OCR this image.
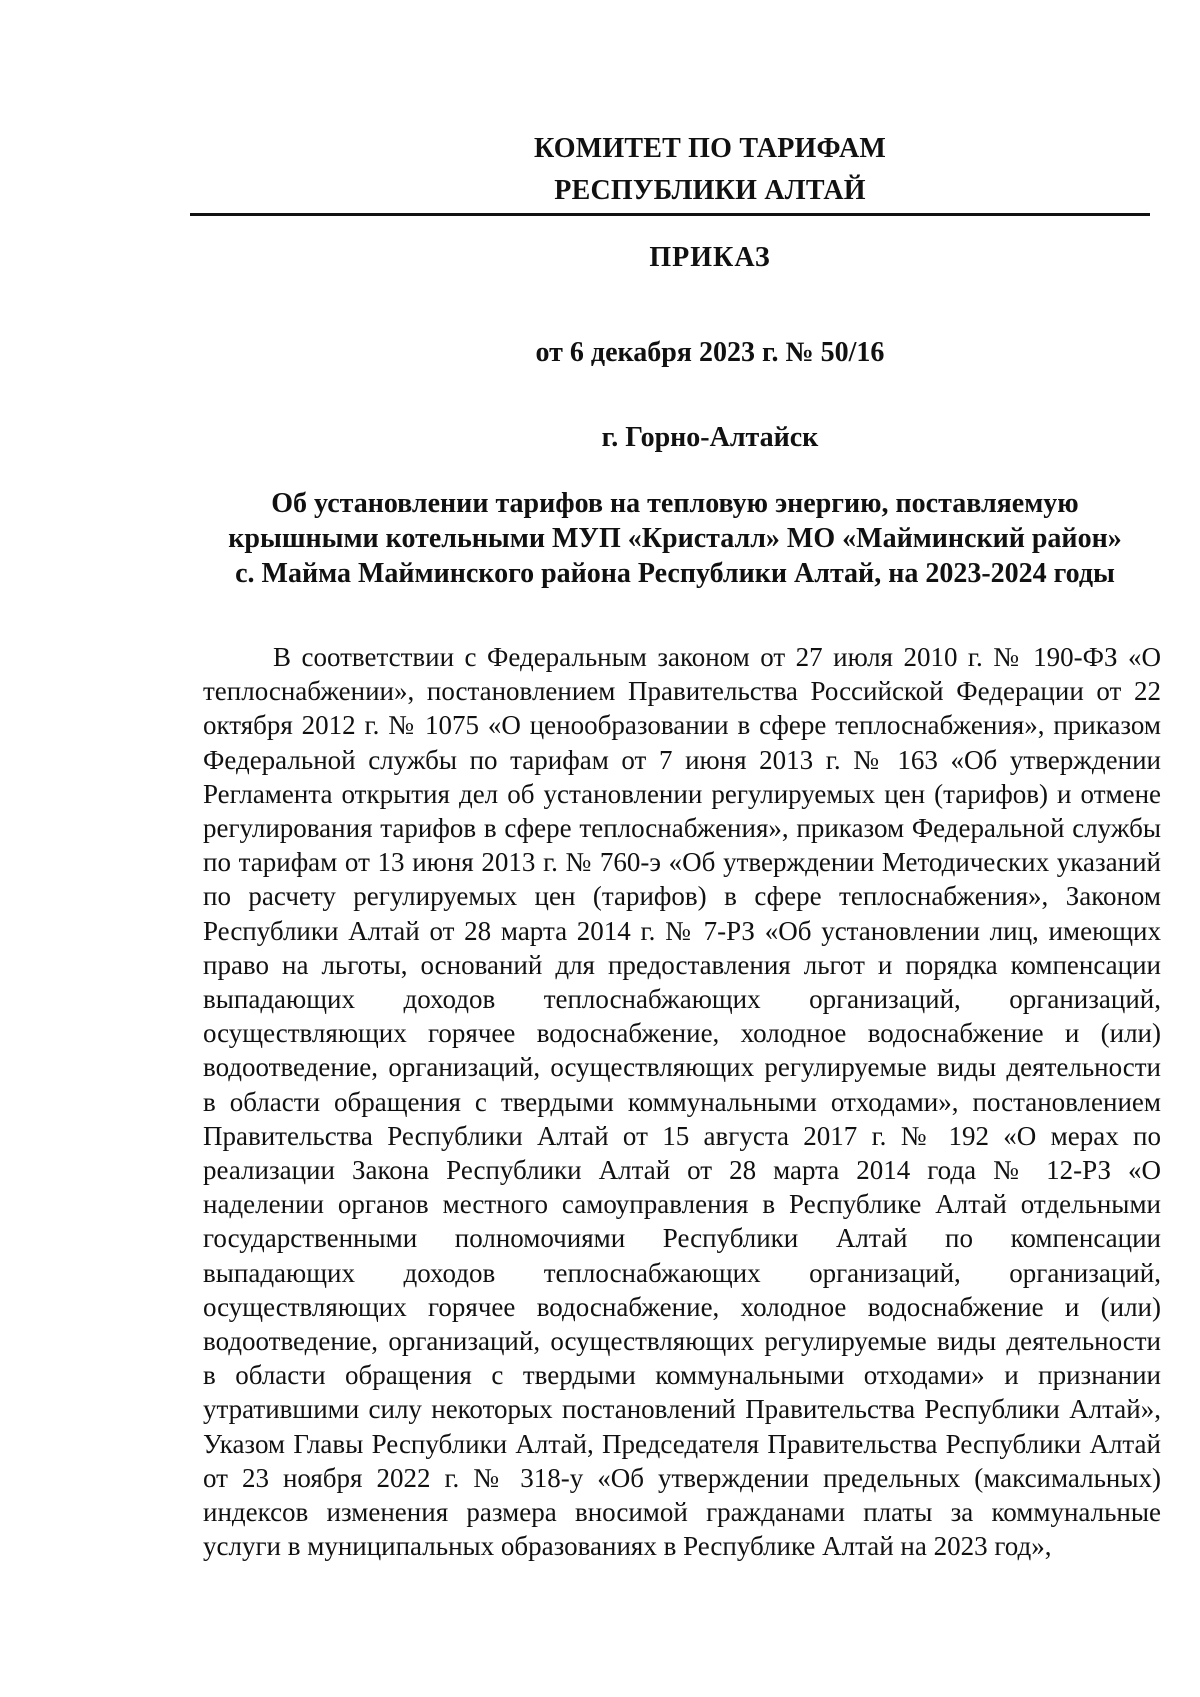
КОМИТЕТ ПО ТАРИФАМ
РЕСПУБЛИКИ АЛТАЙ
ПРИКАЗ
от 6 декабря 2023 г. № 50/16
г. Горно-Алтайск
Об установлении тарифов на тепловую энергию, поставляемую
крышными котельными МУП «Кристалл» МО «Майминский район»
с. Майма Майминского района Республики Алтай, на 2023-2024 годы

В соответствии с Федеральным законом от 27 июля 2010 г. № 190-ФЗ «О теплоснабжении», постановлением Правительства Российской Федерации от 22 октября 2012 г. № 1075 «О ценообразовании в сфере теплоснабжения», приказом Федеральной службы по тарифам от 7 июня 2013 г. № 163 «Об утверждении Регламента открытия дел об установлении регулируемых цен (тарифов) и отмене регулирования тарифов в сфере теплоснабжения», приказом Федеральной службы по тарифам от 13 июня 2013 г. № 760-э «Об утверждении Методических указаний по расчету регулируемых цен (тарифов) в сфере теплоснабжения», Законом Республики Алтай от 28 марта 2014 г. № 7-РЗ «Об установлении лиц, имеющих право на льготы, оснований для предоставления льгот и порядка компенсации выпадающих доходов теплоснабжающих организаций, организаций, осуществляющих горячее водоснабжение, холодное водоснабжение и (или) водоотведение, организаций, осуществляющих регулируемые виды деятельности в области обращения с твердыми коммунальными отходами», постановлением Правительства Республики Алтай от 15 августа 2017 г. № 192 «О мерах по реализации Закона Республики Алтай от 28 марта 2014 года № 12-РЗ «О наделении органов местного самоуправления в Республике Алтай отдельными государственными полномочиями Республики Алтай по компенсации выпадающих доходов теплоснабжающих организаций, организаций, осуществляющих горячее водоснабжение, холодное водоснабжение и (или) водоотведение, организаций, осуществляющих регулируемые виды деятельности в области обращения с твердыми коммунальными отходами» и признании утратившими силу некоторых постановлений Правительства Республики Алтай», Указом Главы Республики Алтай, Председателя Правительства Республики Алтай от 23 ноября 2022 г. № 318-у «Об утверждении предельных (максимальных) индексов изменения размера вносимой гражданами платы за коммунальные услуги в муниципальных образованиях в Республике Алтай на 2023 год»,
